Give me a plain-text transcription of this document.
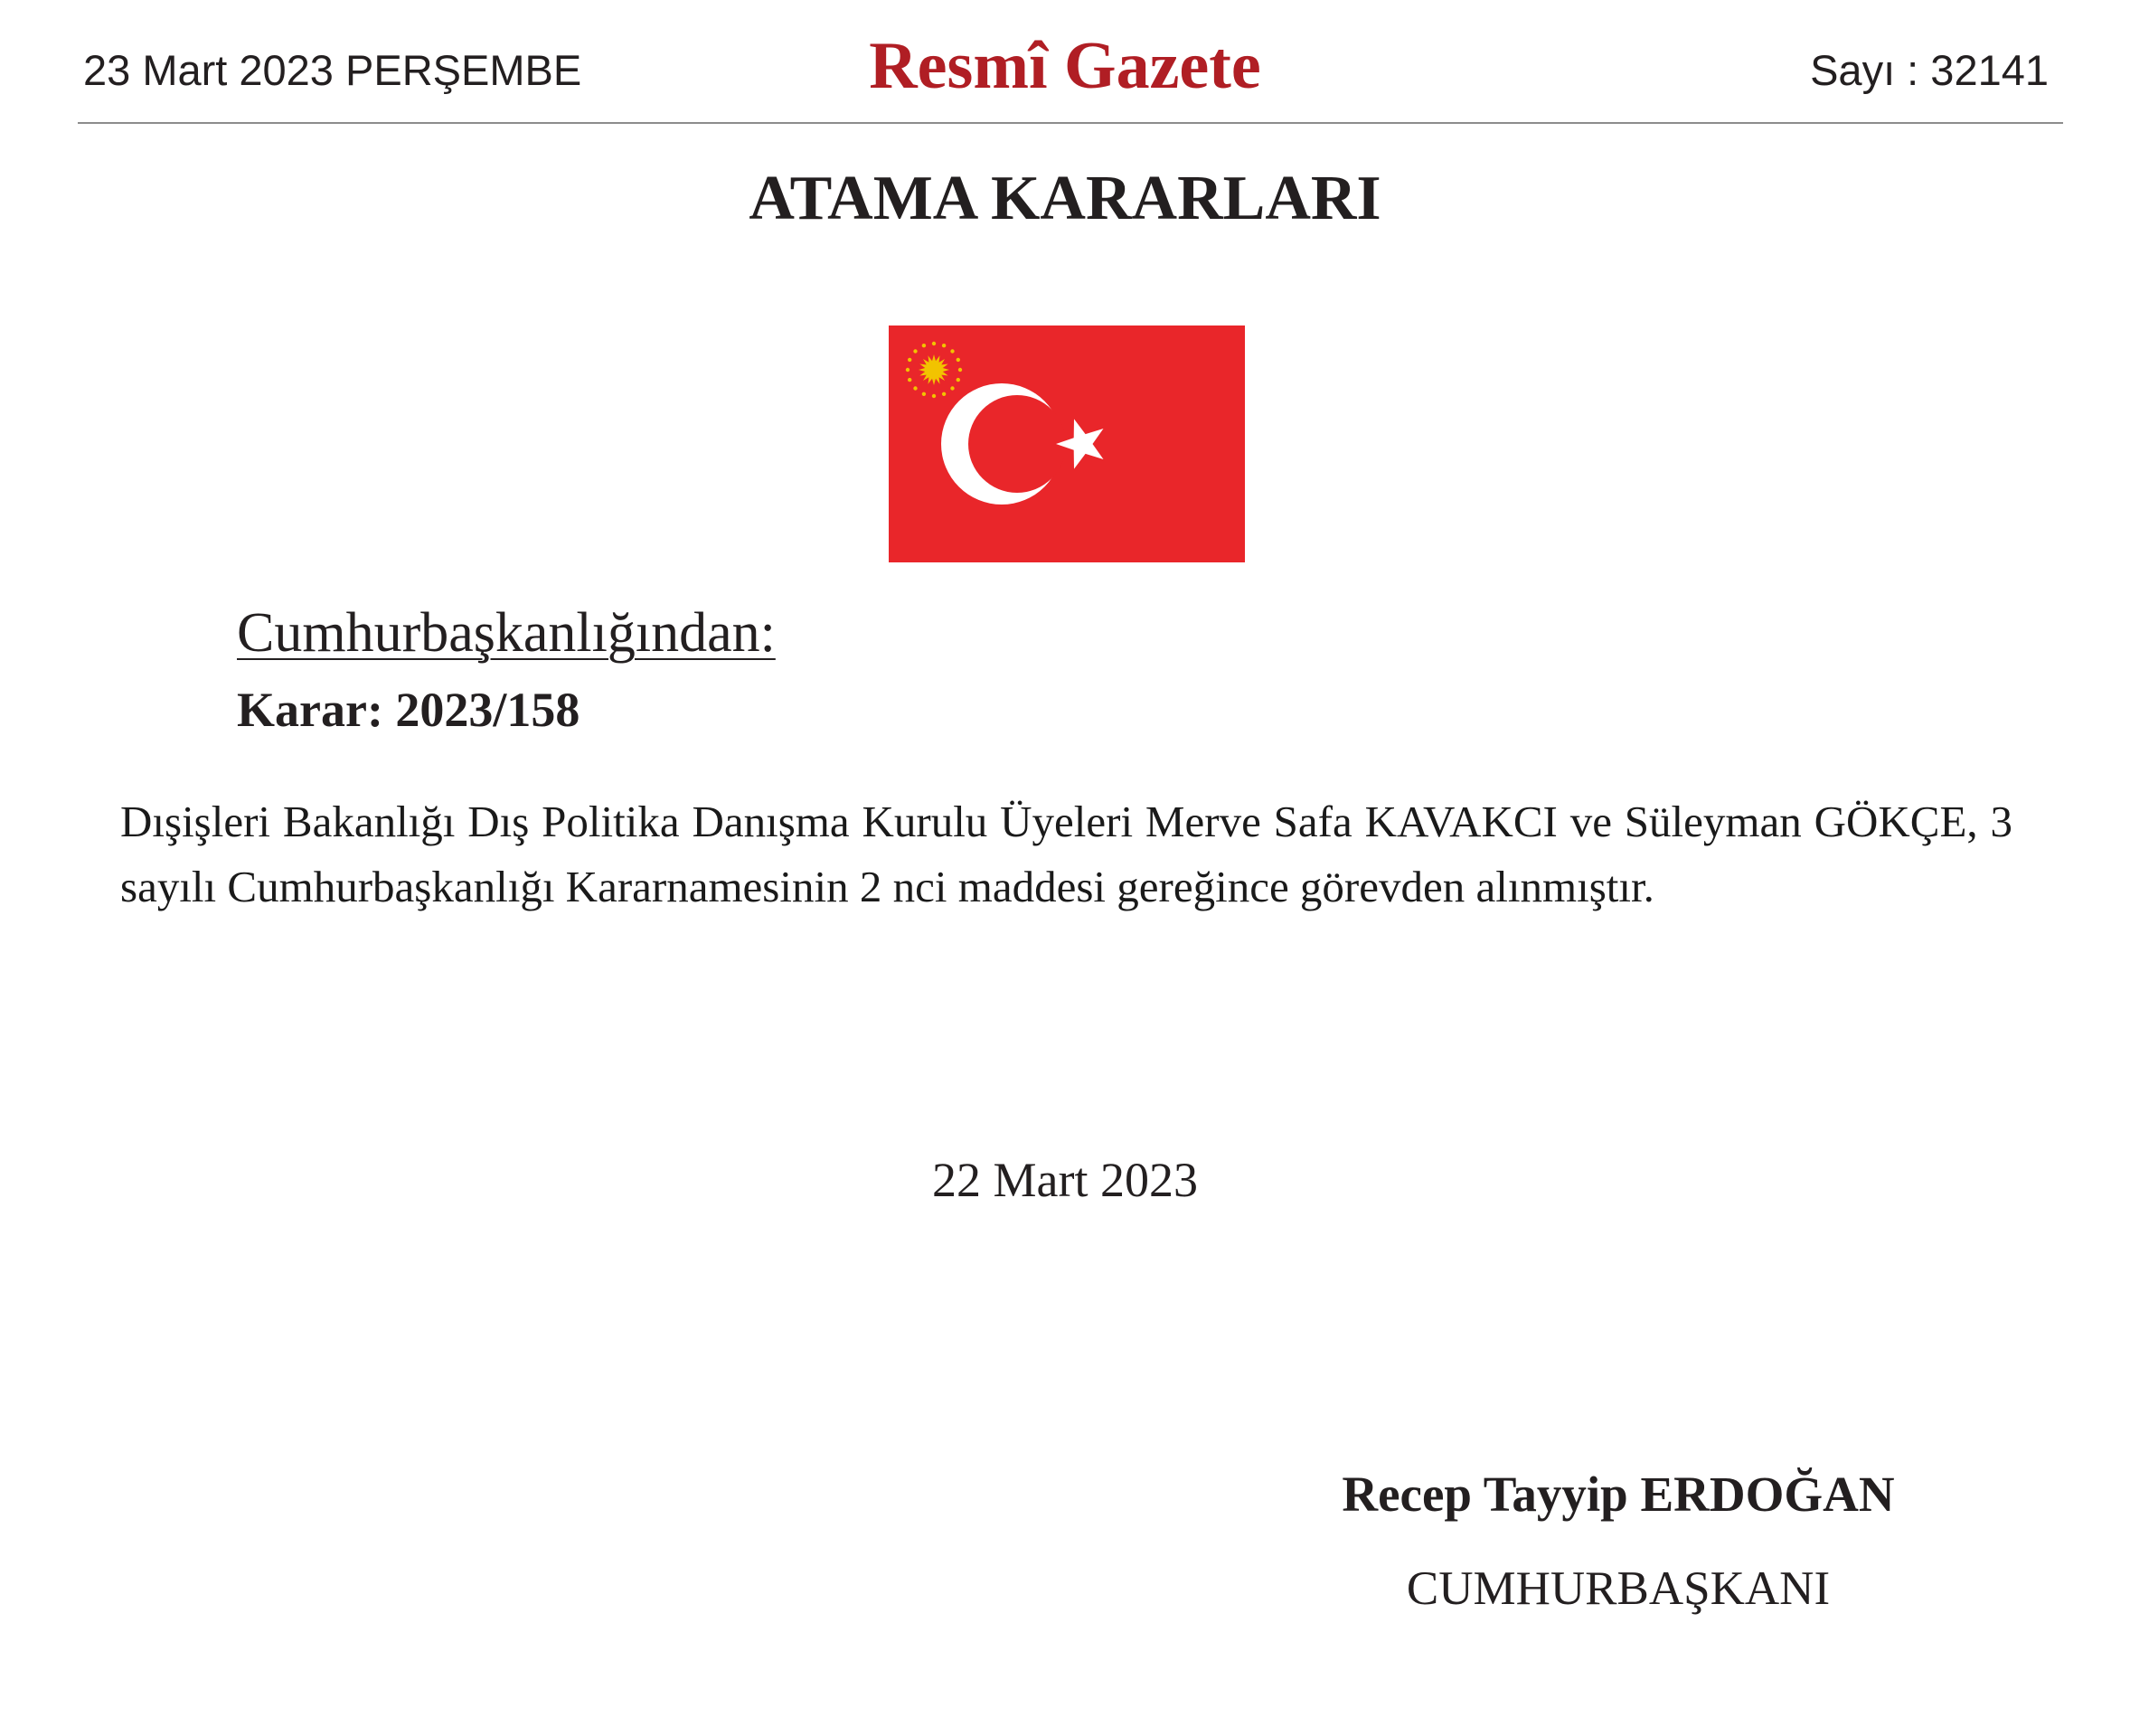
23 Mart 2023 PERŞEMBE	Resmî Gazete	Sayı : 32141
ATAMA KARARLARI
Cumhurbaşkanlığından:
Karar: 2023/158
Dışişleri Bakanlığı Dış Politika Danışma Kurulu Üyeleri Merve Safa KAVAKCI ve Süleyman GÖKÇE, 3 sayılı Cumhurbaşkanlığı Kararnamesinin 2 nci maddesi gereğince görevden alınmıştır.
22 Mart 2023
Recep Tayyip ERDOĞAN
CUMHURBAŞKANI
